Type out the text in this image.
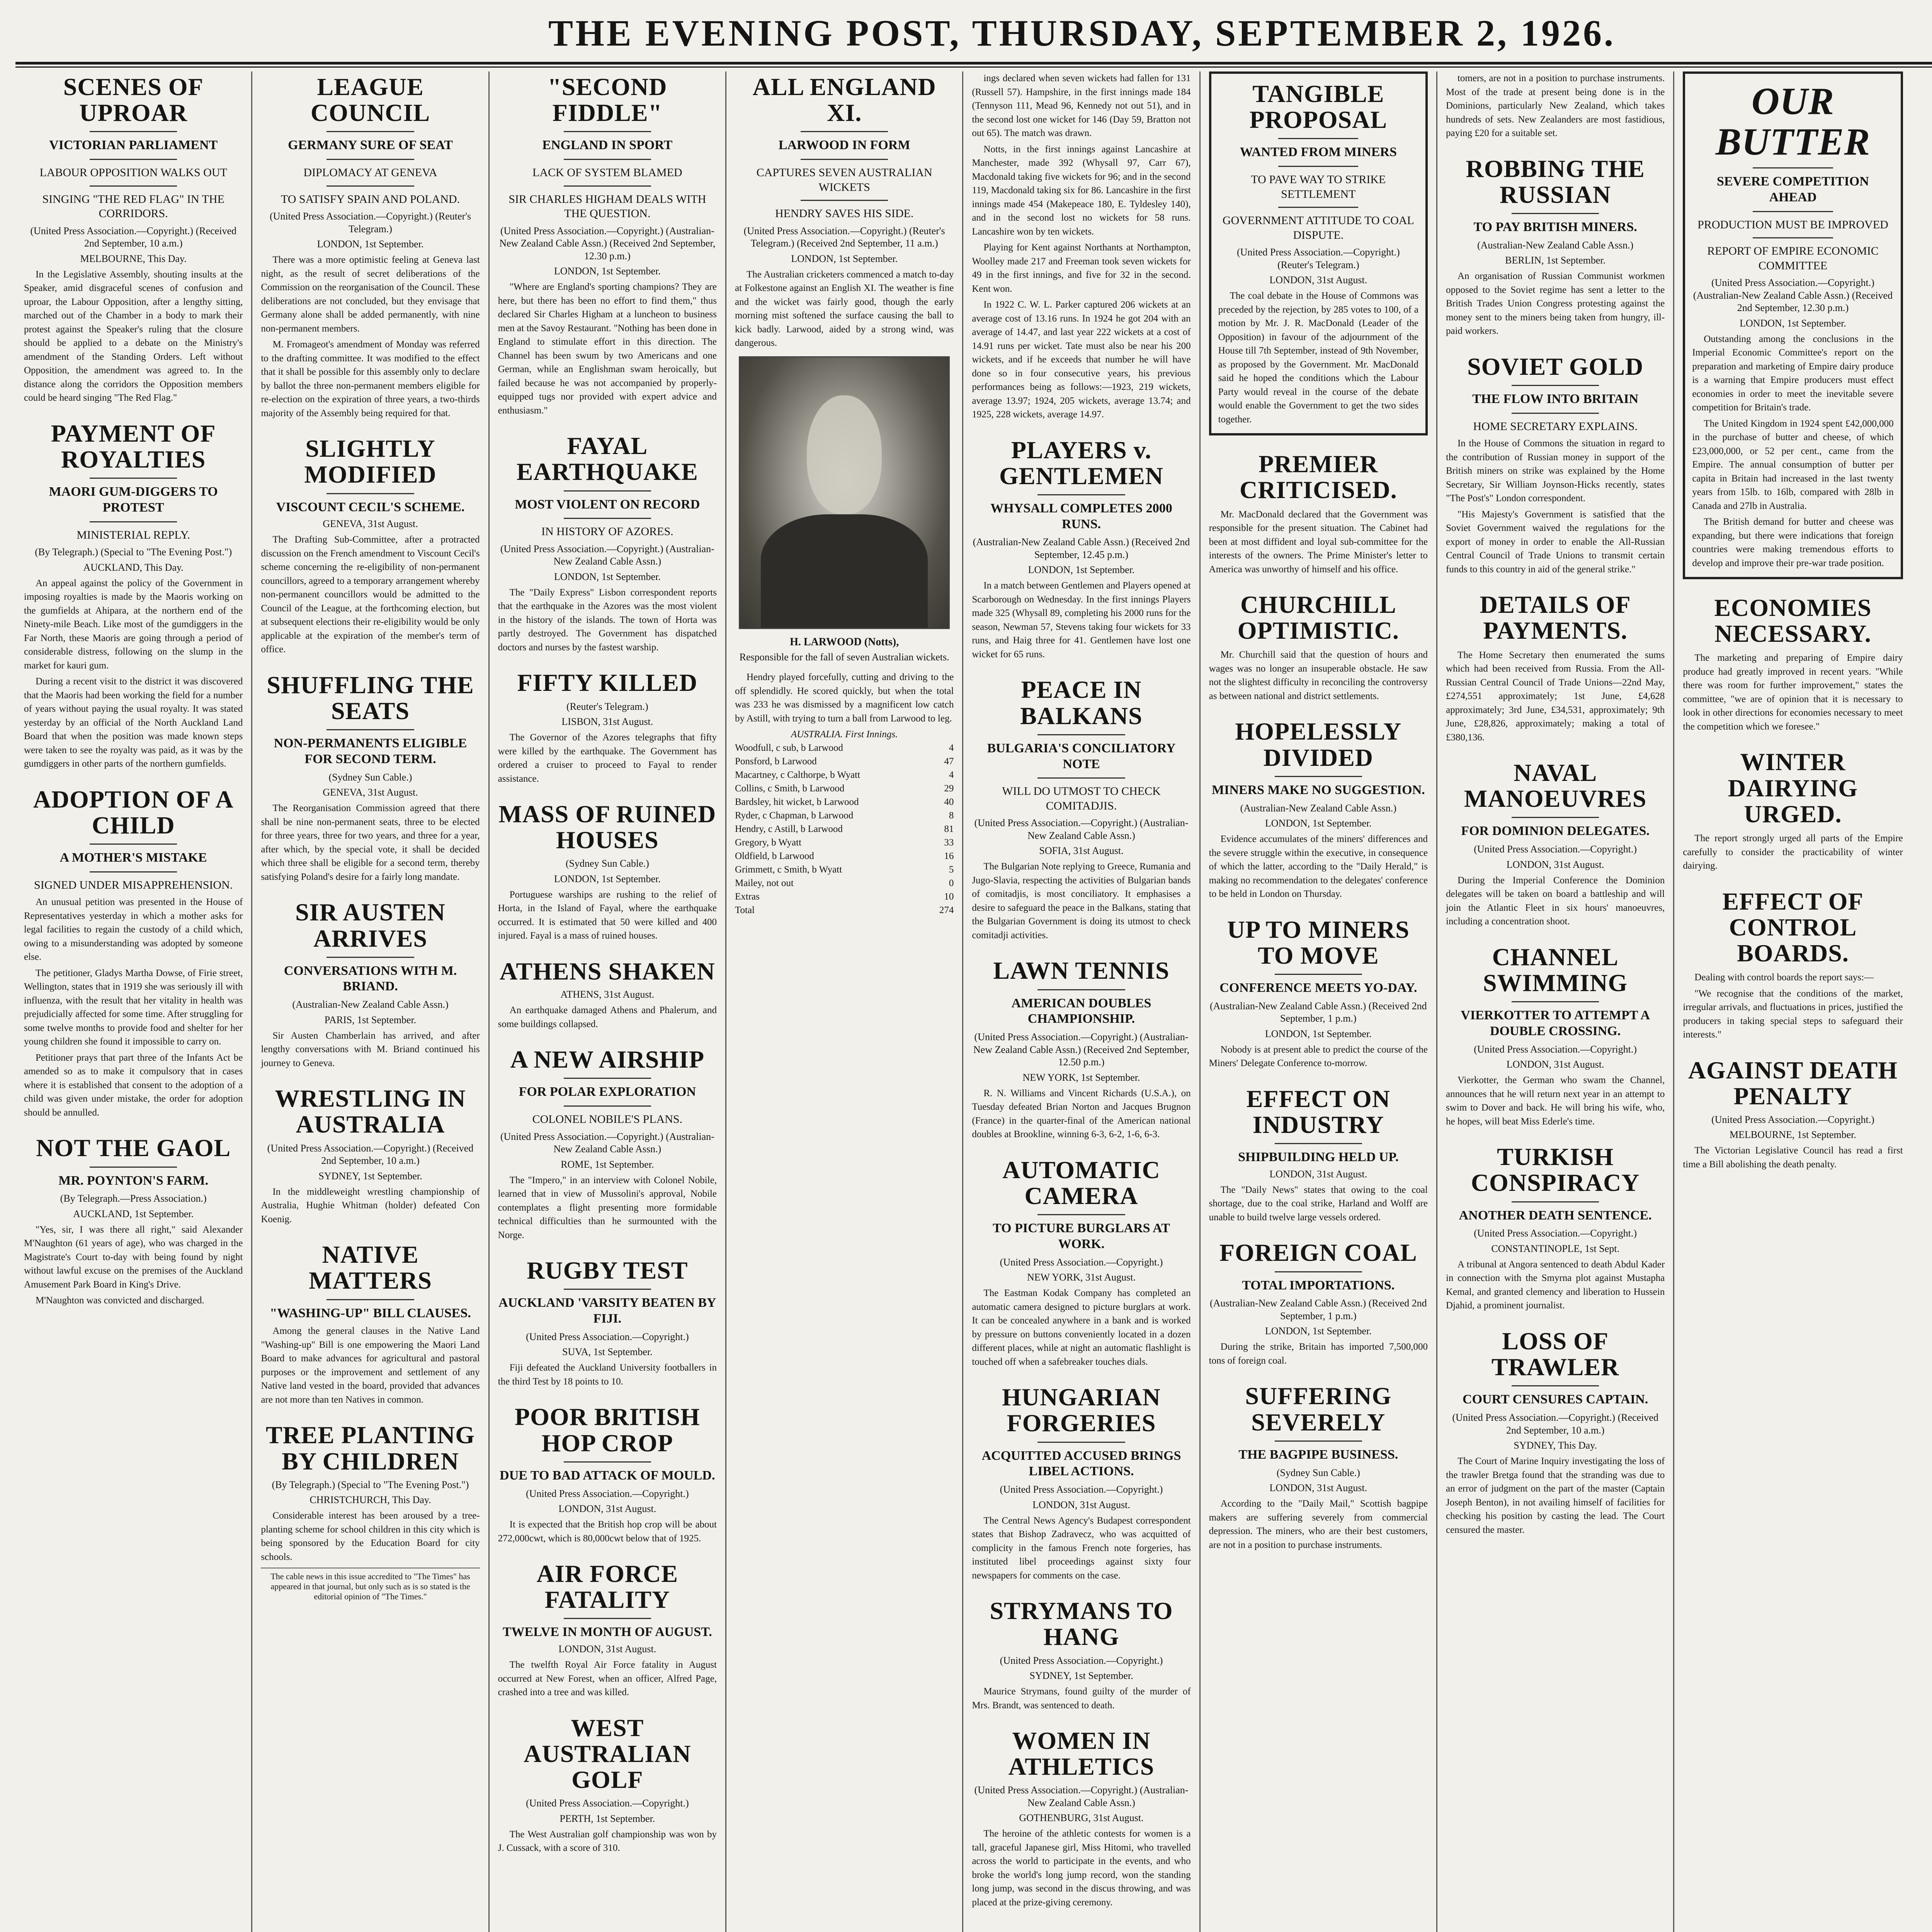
THE EVENING POST, THURSDAY, SEPTEMBER 2, 1926.
SCENES OF UPROAR
VICTORIAN PARLIAMENT
LABOUR OPPOSITION WALKS OUT
SINGING "THE RED FLAG" IN THE CORRIDORS.
(United Press Association.—Copyright.) (Received 2nd September, 10 a.m.)
MELBOURNE, This Day.

In the Legislative Assembly, shouting insults at the Speaker, amid disgraceful scenes of confusion and uproar, the Labour Opposition, after a lengthy sitting, marched out of the Chamber in a body to mark their protest against the Speaker's ruling that the closure should be applied to a debate on the Ministry's amendment of the Standing Orders. Left without Opposition, the amendment was agreed to. In the distance along the corridors the Opposition members could be heard singing "The Red Flag."

PAYMENT OF ROYALTIES
MAORI GUM-DIGGERS TO PROTEST
MINISTERIAL REPLY.
(By Telegraph.) (Special to "The Evening Post.")
AUCKLAND, This Day.

An appeal against the policy of the Government in imposing royalties is made by the Maoris working on the gumfields at Ahipara, at the northern end of the Ninety-mile Beach. Like most of the gumdiggers in the Far North, these Maoris are going through a period of considerable distress, following on the slump in the market for kauri gum.

During a recent visit to the district it was discovered that the Maoris had been working the field for a number of years without paying the usual royalty. It was stated yesterday by an official of the North Auckland Land Board that when the position was made known steps were taken to see the royalty was paid, as it was by the gumdiggers in other parts of the northern gumfields.

ADOPTION OF A CHILD
A MOTHER'S MISTAKE
SIGNED UNDER MISAPPREHENSION.

An unusual petition was presented in the House of Representatives yesterday in which a mother asks for legal facilities to regain the custody of a child which, owing to a misunderstanding was adopted by someone else.

The petitioner, Gladys Martha Dowse, of Firie street, Wellington, states that in 1919 she was seriously ill with influenza, with the result that her vitality in health was prejudicially affected for some time. After struggling for some twelve months to provide food and shelter for her young children she found it impossible to carry on.

Petitioner prays that part three of the Infants Act be amended so as to make it compulsory that in cases where it is established that consent to the adoption of a child was given under mistake, the order for adoption should be annulled.

NOT THE GAOL
MR. POYNTON'S FARM.
(By Telegraph.—Press Association.)
AUCKLAND, 1st September.

"Yes, sir, I was there all right," said Alexander M'Naughton (61 years of age), who was charged in the Magistrate's Court to-day with being found by night without lawful excuse on the premises of the Auckland Amusement Park Board in King's Drive.

M'Naughton was convicted and discharged.

LEAGUE COUNCIL
GERMANY SURE OF SEAT
DIPLOMACY AT GENEVA
TO SATISFY SPAIN AND POLAND.
(United Press Association.—Copyright.) (Reuter's Telegram.)
LONDON, 1st September.

There was a more optimistic feeling at Geneva last night, as the result of secret deliberations of the Commission on the reorganisation of the Council. These deliberations are not concluded, but they envisage that Germany alone shall be added permanently, with nine non-permanent members.

M. Fromageot's amendment of Monday was referred to the drafting committee. It was modified to the effect that it shall be possible for this assembly only to declare by ballot the three non-permanent members eligible for re-election on the expiration of three years, a two-thirds majority of the Assembly being required for that.

SLIGHTLY MODIFIED
VISCOUNT CECIL'S SCHEME.
GENEVA, 31st August.

The Drafting Sub-Committee, after a protracted discussion on the French amendment to Viscount Cecil's scheme concerning the re-eligibility of non-permanent councillors, agreed to a temporary arrangement whereby non-permanent councillors would be admitted to the Council of the League, at the forthcoming election, but at subsequent elections their re-eligibility would be only applicable at the expiration of the member's term of office.

SHUFFLING THE SEATS
NON-PERMANENTS ELIGIBLE FOR SECOND TERM.
(Sydney Sun Cable.)
GENEVA, 31st August.

The Reorganisation Commission agreed that there shall be nine non-permanent seats, three to be elected for three years, three for two years, and three for a year, after which, by the special vote, it shall be decided which three shall be eligible for a second term, thereby satisfying Poland's desire for a fairly long mandate.

SIR AUSTEN ARRIVES
CONVERSATIONS WITH M. BRIAND.
(Australian-New Zealand Cable Assn.)
PARIS, 1st September.

Sir Austen Chamberlain has arrived, and after lengthy conversations with M. Briand continued his journey to Geneva.

WRESTLING IN AUSTRALIA
(United Press Association.—Copyright.) (Received 2nd September, 10 a.m.)
SYDNEY, 1st September.

In the middleweight wrestling championship of Australia, Hughie Whitman (holder) defeated Con Koenig.

NATIVE MATTERS
"WASHING-UP" BILL CLAUSES.

Among the general clauses in the Native Land "Washing-up" Bill is one empowering the Maori Land Board to make advances for agricultural and pastoral purposes or the improvement and settlement of any Native land vested in the board, provided that advances are not more than ten Natives in common.

TREE PLANTING BY CHILDREN
(By Telegraph.) (Special to "The Evening Post.")
CHRISTCHURCH, This Day.

Considerable interest has been aroused by a tree-planting scheme for school children in this city which is being sponsored by the Education Board for city schools.

The cable news in this issue accredited to "The Times" has appeared in that journal, but only such as is so stated is the editorial opinion of "The Times."
"SECOND FIDDLE"
ENGLAND IN SPORT
LACK OF SYSTEM BLAMED
SIR CHARLES HIGHAM DEALS WITH THE QUESTION.
(United Press Association.—Copyright.) (Australian-New Zealand Cable Assn.) (Received 2nd September, 12.30 p.m.)
LONDON, 1st September.

"Where are England's sporting champions? They are here, but there has been no effort to find them," thus declared Sir Charles Higham at a luncheon to business men at the Savoy Restaurant. "Nothing has been done in England to stimulate effort in this direction. The Channel has been swum by two Americans and one German, while an Englishman swam heroically, but failed because he was not accompanied by properly-equipped tugs nor provided with expert advice and enthusiasm."

FAYAL EARTHQUAKE
MOST VIOLENT ON RECORD
IN HISTORY OF AZORES.
(United Press Association.—Copyright.) (Australian-New Zealand Cable Assn.)
LONDON, 1st September.

The "Daily Express" Lisbon correspondent reports that the earthquake in the Azores was the most violent in the history of the islands. The town of Horta was partly destroyed. The Government has dispatched doctors and nurses by the fastest warship.

FIFTY KILLED
(Reuter's Telegram.)
LISBON, 31st August.

The Governor of the Azores telegraphs that fifty were killed by the earthquake. The Government has ordered a cruiser to proceed to Fayal to render assistance.

MASS OF RUINED HOUSES
(Sydney Sun Cable.)
LONDON, 1st September.

Portuguese warships are rushing to the relief of Horta, in the Island of Fayal, where the earthquake occurred. It is estimated that 50 were killed and 400 injured. Fayal is a mass of ruined houses.

ATHENS SHAKEN
ATHENS, 31st August.

An earthquake damaged Athens and Phalerum, and some buildings collapsed.

A NEW AIRSHIP
FOR POLAR EXPLORATION
COLONEL NOBILE'S PLANS.
(United Press Association.—Copyright.) (Australian-New Zealand Cable Assn.)
ROME, 1st September.

The "Impero," in an interview with Colonel Nobile, learned that in view of Mussolini's approval, Nobile contemplates a flight presenting more formidable technical difficulties than he surmounted with the Norge.

RUGBY TEST
AUCKLAND 'VARSITY BEATEN BY FIJI.
(United Press Association.—Copyright.)
SUVA, 1st September.

Fiji defeated the Auckland University footballers in the third Test by 18 points to 10.

POOR BRITISH HOP CROP
DUE TO BAD ATTACK OF MOULD.
(United Press Association.—Copyright.)
LONDON, 31st August.

It is expected that the British hop crop will be about 272,000cwt, which is 80,000cwt below that of 1925.

AIR FORCE FATALITY
TWELVE IN MONTH OF AUGUST.
LONDON, 31st August.

The twelfth Royal Air Force fatality in August occurred at New Forest, when an officer, Alfred Page, crashed into a tree and was killed.

WEST AUSTRALIAN GOLF
(United Press Association.—Copyright.)
PERTH, 1st September.

The West Australian golf championship was won by J. Cussack, with a score of 310.

ALL ENGLAND XI.
LARWOOD IN FORM
CAPTURES SEVEN AUSTRALIAN WICKETS
HENDRY SAVES HIS SIDE.
(United Press Association.—Copyright.) (Reuter's Telegram.) (Received 2nd September, 11 a.m.)
LONDON, 1st September.

The Australian cricketers commenced a match to-day at Folkestone against an English XI. The weather is fine and the wicket was fairly good, though the early morning mist softened the surface causing the ball to kick badly. Larwood, aided by a strong wind, was dangerous.

H. LARWOOD (Notts),
Responsible for the fall of seven Australian wickets.

Hendry played forcefully, cutting and driving to the off splendidly. He scored quickly, but when the total was 233 he was dismissed by a magnificent low catch by Astill, with trying to turn a ball from Larwood to leg.

AUSTRALIA. First Innings.
Woodfull, c sub, b Larwood	4
Ponsford, b Larwood	47
Macartney, c Calthorpe, b Wyatt	4
Collins, c Smith, b Larwood	29
Bardsley, hit wicket, b Larwood	40
Ryder, c Chapman, b Larwood	8
Hendry, c Astill, b Larwood	81
Gregory, b Wyatt	33
Oldfield, b Larwood	16
Grimmett, c Smith, b Wyatt	5
Mailey, not out	0
Extras	10
Total	274

ings declared when seven wickets had fallen for 131 (Russell 57). Hampshire, in the first innings made 184 (Tennyson 111, Mead 96, Kennedy not out 51), and in the second lost one wicket for 146 (Day 59, Bratton not out 65). The match was drawn.

Notts, in the first innings against Lancashire at Manchester, made 392 (Whysall 97, Carr 67), Macdonald taking five wickets for 96; and in the second 119, Macdonald taking six for 86. Lancashire in the first innings made 454 (Makepeace 180, E. Tyldesley 140), and in the second lost no wickets for 58 runs. Lancashire won by ten wickets.

Playing for Kent against Northants at Northampton, Woolley made 217 and Freeman took seven wickets for 49 in the first innings, and five for 32 in the second. Kent won.

In 1922 C. W. L. Parker captured 206 wickets at an average cost of 13.16 runs. In 1924 he got 204 with an average of 14.47, and last year 222 wickets at a cost of 14.91 runs per wicket. Tate must also be near his 200 wickets, and if he exceeds that number he will have done so in four consecutive years, his previous performances being as follows:—1923, 219 wickets, average 13.97; 1924, 205 wickets, average 13.74; and 1925, 228 wickets, average 14.97.

PLAYERS v. GENTLEMEN
WHYSALL COMPLETES 2000 RUNS.
(Australian-New Zealand Cable Assn.) (Received 2nd September, 12.45 p.m.)
LONDON, 1st September.

In a match between Gentlemen and Players opened at Scarborough on Wednesday. In the first innings Players made 325 (Whysall 89, completing his 2000 runs for the season, Newman 57, Stevens taking four wickets for 33 runs, and Haig three for 41. Gentlemen have lost one wicket for 65 runs.

PEACE IN BALKANS
BULGARIA'S CONCILIATORY NOTE
WILL DO UTMOST TO CHECK COMITADJIS.
(United Press Association.—Copyright.) (Australian-New Zealand Cable Assn.)
SOFIA, 31st August.

The Bulgarian Note replying to Greece, Rumania and Jugo-Slavia, respecting the activities of Bulgarian bands of comitadjis, is most conciliatory. It emphasises a desire to safeguard the peace in the Balkans, stating that the Bulgarian Government is doing its utmost to check comitadji activities.

LAWN TENNIS
AMERICAN DOUBLES CHAMPIONSHIP.
(United Press Association.—Copyright.) (Australian-New Zealand Cable Assn.) (Received 2nd September, 12.50 p.m.)
NEW YORK, 1st September.

R. N. Williams and Vincent Richards (U.S.A.), on Tuesday defeated Brian Norton and Jacques Brugnon (France) in the quarter-final of the American national doubles at Brookline, winning 6-3, 6-2, 1-6, 6-3.

AUTOMATIC CAMERA
TO PICTURE BURGLARS AT WORK.
(United Press Association.—Copyright.)
NEW YORK, 31st August.

The Eastman Kodak Company has completed an automatic camera designed to picture burglars at work. It can be concealed anywhere in a bank and is worked by pressure on buttons conveniently located in a dozen different places, while at night an automatic flashlight is touched off when a safebreaker touches dials.

HUNGARIAN FORGERIES
ACQUITTED ACCUSED BRINGS LIBEL ACTIONS.
(United Press Association.—Copyright.)
LONDON, 31st August.

The Central News Agency's Budapest correspondent states that Bishop Zadravecz, who was acquitted of complicity in the famous French note forgeries, has instituted libel proceedings against sixty four newspapers for comments on the case.

STRYMANS TO HANG
(United Press Association.—Copyright.)
SYDNEY, 1st September.

Maurice Strymans, found guilty of the murder of Mrs. Brandt, was sentenced to death.

WOMEN IN ATHLETICS
(United Press Association.—Copyright.) (Australian-New Zealand Cable Assn.)
GOTHENBURG, 31st August.

The heroine of the athletic contests for women is a tall, graceful Japanese girl, Miss Hitomi, who travelled across the world to participate in the events, and who broke the world's long jump record, won the standing long jump, was second in the discus throwing, and was placed at the prize-giving ceremony.

TANGIBLE PROPOSAL
WANTED FROM MINERS
TO PAVE WAY TO STRIKE SETTLEMENT
GOVERNMENT ATTITUDE TO COAL DISPUTE.
(United Press Association.—Copyright.) (Reuter's Telegram.)
LONDON, 31st August.

The coal debate in the House of Commons was preceded by the rejection, by 285 votes to 100, of a motion by Mr. J. R. MacDonald (Leader of the Opposition) in favour of the adjournment of the House till 7th September, instead of 9th November, as proposed by the Government. Mr. MacDonald said he hoped the conditions which the Labour Party would reveal in the course of the debate would enable the Government to get the two sides together.

PREMIER CRITICISED.

Mr. MacDonald declared that the Government was responsible for the present situation. The Cabinet had been at most diffident and loyal sub-committee for the interests of the owners. The Prime Minister's letter to America was unworthy of himself and his office.

CHURCHILL OPTIMISTIC.

Mr. Churchill said that the question of hours and wages was no longer an insuperable obstacle. He saw not the slightest difficulty in reconciling the controversy as between national and district settlements.

HOPELESSLY DIVIDED
MINERS MAKE NO SUGGESTION.
(Australian-New Zealand Cable Assn.)
LONDON, 1st September.

Evidence accumulates of the miners' differences and the severe struggle within the executive, in consequence of which the latter, according to the "Daily Herald," is making no recommendation to the delegates' conference to be held in London on Thursday.

UP TO MINERS TO MOVE
CONFERENCE MEETS YO-DAY.
(Australian-New Zealand Cable Assn.) (Received 2nd September, 1 p.m.)
LONDON, 1st September.

Nobody is at present able to predict the course of the Miners' Delegate Conference to-morrow.

EFFECT ON INDUSTRY
SHIPBUILDING HELD UP.
LONDON, 31st August.

The "Daily News" states that owing to the coal shortage, due to the coal strike, Harland and Wolff are unable to build twelve large vessels ordered.

FOREIGN COAL
TOTAL IMPORTATIONS.
(Australian-New Zealand Cable Assn.) (Received 2nd September, 1 p.m.)
LONDON, 1st September.

During the strike, Britain has imported 7,500,000 tons of foreign coal.

SUFFERING SEVERELY
THE BAGPIPE BUSINESS.
(Sydney Sun Cable.)
LONDON, 31st August.

According to the "Daily Mail," Scottish bagpipe makers are suffering severely from commercial depression. The miners, who are their best customers, are not in a position to purchase instruments.

tomers, are not in a position to purchase instruments. Most of the trade at present being done is in the Dominions, particularly New Zealand, which takes hundreds of sets. New Zealanders are most fastidious, paying £20 for a suitable set.

ROBBING THE RUSSIAN
TO PAY BRITISH MINERS.
(Australian-New Zealand Cable Assn.)
BERLIN, 1st September.

An organisation of Russian Communist workmen opposed to the Soviet regime has sent a letter to the British Trades Union Congress protesting against the money sent to the miners being taken from hungry, ill-paid workers.

SOVIET GOLD
THE FLOW INTO BRITAIN
HOME SECRETARY EXPLAINS.

In the House of Commons the situation in regard to the contribution of Russian money in support of the British miners on strike was explained by the Home Secretary, Sir William Joynson-Hicks recently, states "The Post's" London correspondent.

"His Majesty's Government is satisfied that the Soviet Government waived the regulations for the export of money in order to enable the All-Russian Central Council of Trade Unions to transmit certain funds to this country in aid of the general strike."

DETAILS OF PAYMENTS.

The Home Secretary then enumerated the sums which had been received from Russia. From the All-Russian Central Council of Trade Unions—22nd May, £274,551 approximately; 1st June, £4,628 approximately; 3rd June, £34,531, approximately; 9th June, £28,826, approximately; making a total of £380,136.

NAVAL MANOEUVRES
FOR DOMINION DELEGATES.
(United Press Association.—Copyright.)
LONDON, 31st August.

During the Imperial Conference the Dominion delegates will be taken on board a battleship and will join the Atlantic Fleet in six hours' manoeuvres, including a concentration shoot.

CHANNEL SWIMMING
VIERKOTTER TO ATTEMPT A DOUBLE CROSSING.
(United Press Association.—Copyright.)
LONDON, 31st August.

Vierkotter, the German who swam the Channel, announces that he will return next year in an attempt to swim to Dover and back. He will bring his wife, who, he hopes, will beat Miss Ederle's time.

TURKISH CONSPIRACY
ANOTHER DEATH SENTENCE.
(United Press Association.—Copyright.)
CONSTANTINOPLE, 1st Sept.

A tribunal at Angora sentenced to death Abdul Kader in connection with the Smyrna plot against Mustapha Kemal, and granted clemency and liberation to Hussein Djahid, a prominent journalist.

LOSS OF TRAWLER
COURT CENSURES CAPTAIN.
(United Press Association.—Copyright.) (Received 2nd September, 10 a.m.)
SYDNEY, This Day.

The Court of Marine Inquiry investigating the loss of the trawler Bretga found that the stranding was due to an error of judgment on the part of the master (Captain Joseph Benton), in not availing himself of facilities for checking his position by casting the lead. The Court censured the master.

OUR BUTTER
SEVERE COMPETITION AHEAD
PRODUCTION MUST BE IMPROVED
REPORT OF EMPIRE ECONOMIC COMMITTEE
(United Press Association.—Copyright.) (Australian-New Zealand Cable Assn.) (Received 2nd September, 12.30 p.m.)
LONDON, 1st September.

Outstanding among the conclusions in the Imperial Economic Committee's report on the preparation and marketing of Empire dairy produce is a warning that Empire producers must effect economies in order to meet the inevitable severe competition for Britain's trade.

The United Kingdom in 1924 spent £42,000,000 in the purchase of butter and cheese, of which £23,000,000, or 52 per cent., came from the Empire. The annual consumption of butter per capita in Britain had increased in the last twenty years from 15lb. to 16lb, compared with 28lb in Canada and 27lb in Australia.

The British demand for butter and cheese was expanding, but there were indications that foreign countries were making tremendous efforts to develop and improve their pre-war trade position.

ECONOMIES NECESSARY.

The marketing and preparing of Empire dairy produce had greatly improved in recent years. "While there was room for further improvement," states the committee, "we are of opinion that it is necessary to look in other directions for economies necessary to meet the competition which we foresee."

WINTER DAIRYING URGED.

The report strongly urged all parts of the Empire carefully to consider the practicability of winter dairying.

EFFECT OF CONTROL BOARDS.

Dealing with control boards the report says:—

"We recognise that the conditions of the market, irregular arrivals, and fluctuations in prices, justified the producers in taking special steps to safeguard their interests."

AGAINST DEATH PENALTY
(United Press Association.—Copyright.)
MELBOURNE, 1st September.

The Victorian Legislative Council has read a first time a Bill abolishing the death penalty.
